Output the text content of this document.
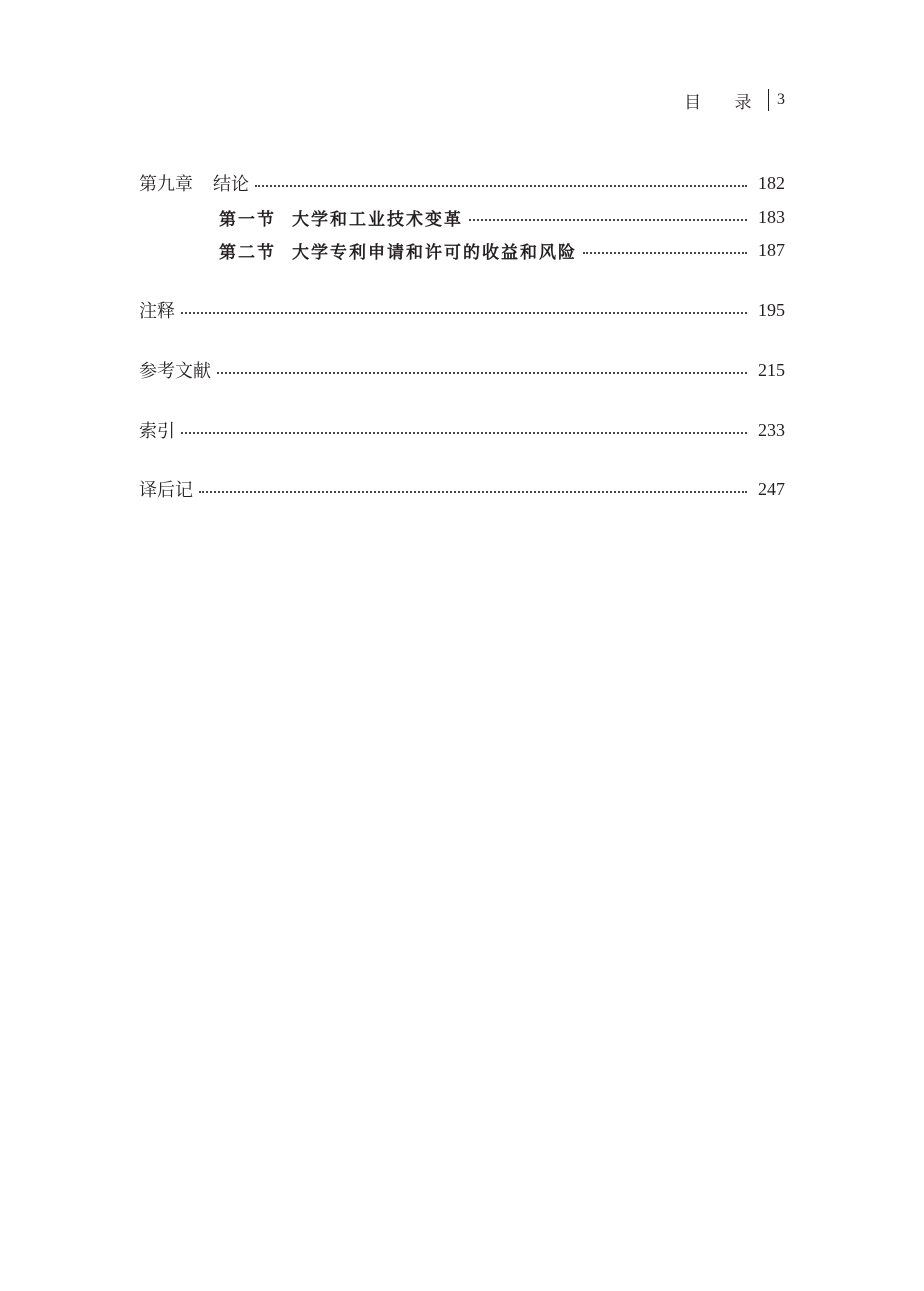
目 录 3
第九章 结论	182
第一节 大学和工业技术变革	183
第二节 大学专利申请和许可的收益和风险	187
注释	195
参考文献	215
索引	233
译后记	247
